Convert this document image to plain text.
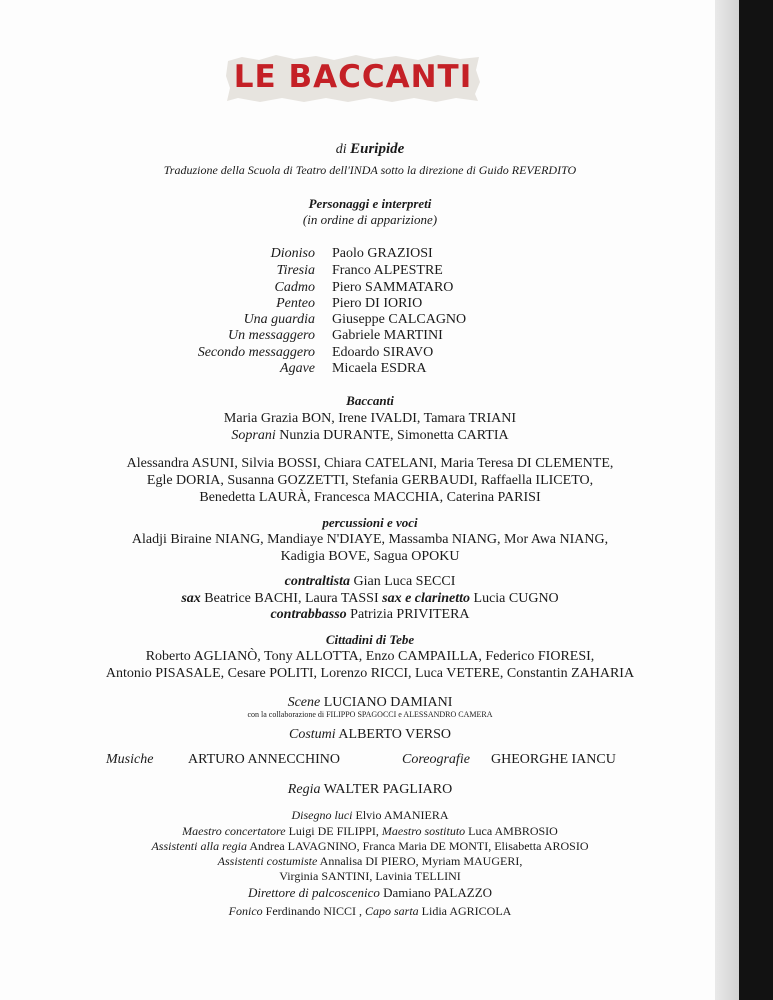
LE BACCANTI
di Euripide
Traduzione della Scuola di Teatro dell'INDA sotto la direzione di Guido REVERDITO
Personaggi e interpreti
(in ordine di apparizione)
Dioniso Paolo GRAZIOSI
Tiresia Franco ALPESTRE
Cadmo Piero SAMMATARO
Penteo Piero DI IORIO
Una guardia Giuseppe CALCAGNO
Un messaggero Gabriele MARTINI
Secondo messaggero Edoardo SIRAVO
Agave Micaela ESDRA
Baccanti
Maria Grazia BON, Irene IVALDI, Tamara TRIANI
Soprani Nunzia DURANTE, Simonetta CARTIA
Alessandra ASUNI, Silvia BOSSI, Chiara CATELANI, Maria Teresa DI CLEMENTE,
Egle DORIA, Susanna GOZZETTI, Stefania GERBAUDI, Raffaella ILICETO,
Benedetta LAURÀ, Francesca MACCHIA, Caterina PARISI
percussioni e voci
Aladji Biraine NIANG, Mandiaye N'DIAYE, Massamba NIANG, Mor Awa NIANG,
Kadigia BOVE, Sagua OPOKU
contraltista Gian Luca SECCI
sax Beatrice BACHI, Laura TASSI sax e clarinetto Lucia CUGNO
contrabbasso Patrizia PRIVITERA
Cittadini di Tebe
Roberto AGLIANÒ, Tony ALLOTTA, Enzo CAMPAILLA, Federico FIORESI,
Antonio PISASALE, Cesare POLITI, Lorenzo RICCI, Luca VETERE, Constantin ZAHARIA
Scene LUCIANO DAMIANI
con la collaborazione di FILIPPO SPAGOCCI e ALESSANDRO CAMERA
Costumi ALBERTO VERSO
Musiche ARTURO ANNECCHINO	Coreografie GHEORGHE IANCU
Regia WALTER PAGLIARO
Disegno luci Elvio AMANIERA
Maestro concertatore Luigi DE FILIPPI, Maestro sostituto Luca AMBROSIO
Assistenti alla regia Andrea LAVAGNINO, Franca Maria DE MONTI, Elisabetta AROSIO
Assistenti costumiste Annalisa DI PIERO, Myriam MAUGERI,
Virginia SANTINI, Lavinia TELLINI
Direttore di palcoscenico Damiano PALAZZO
Fonico Ferdinando NICCI , Capo sarta Lidia AGRICOLA
